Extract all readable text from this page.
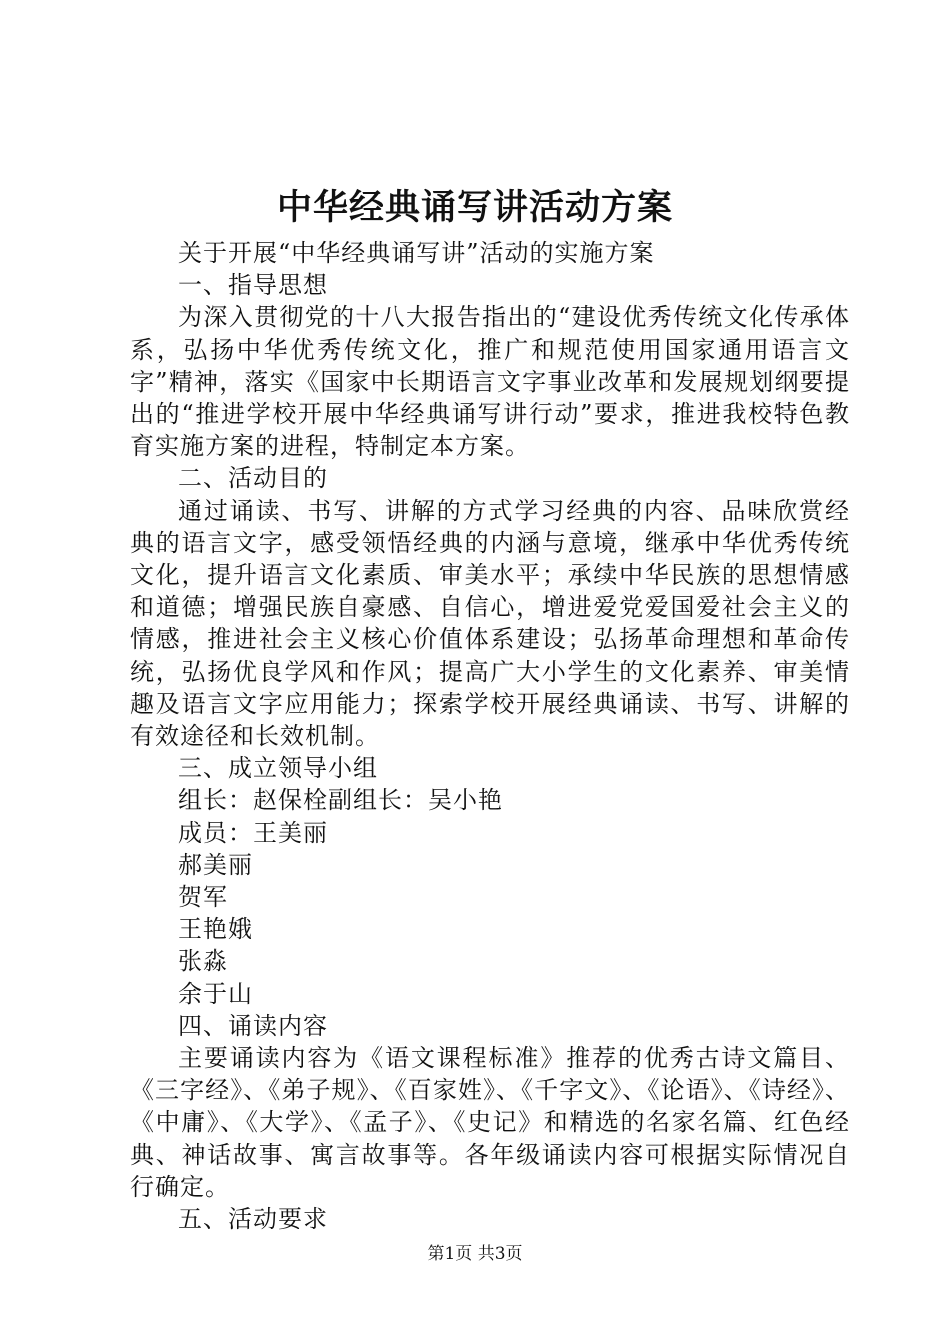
中华经典诵写讲活动方案

关于开展“中华经典诵写讲”活动的实施方案

一、指导思想

为深入贯彻党的十八大报告指出的“建设优秀传统文化传承体系，弘扬中华优秀传统文化，推广和规范使用国家通用语言文字”精神，落实《国家中长期语言文字事业改革和发展规划纲要提出的“推进学校开展中华经典诵写讲行动”要求，推进我校特色教育实施方案的进程，特制定本方案。

二、活动目的

通过诵读、书写、讲解的方式学习经典的内容、品味欣赏经典的语言文字，感受领悟经典的内涵与意境，继承中华优秀传统文化，提升语言文化素质、审美水平；承续中华民族的思想情感和道德；增强民族自豪感、自信心，增进爱党爱国爱社会主义的情感，推进社会主义核心价值体系建设；弘扬革命理想和革命传统，弘扬优良学风和作风；提高广大小学生的文化素养、审美情趣及语言文字应用能力；探索学校开展经典诵读、书写、讲解的有效途径和长效机制。

三、成立领导小组

组长：赵保栓副组长：吴小艳

成员：王美丽

郝美丽

贺军

王艳娥

张淼

余于山

四、诵读内容

主要诵读内容为《语文课程标准》推荐的优秀古诗文篇目、《三字经》、《弟子规》、《百家姓》、《千字文》、《论语》、《诗经》、《中庸》、《大学》、《孟子》、《史记》和精选的名家名篇、红色经典、神话故事、寓言故事等。各年级诵读内容可根据实际情况自行确定。

五、活动要求

第1页 共3页
